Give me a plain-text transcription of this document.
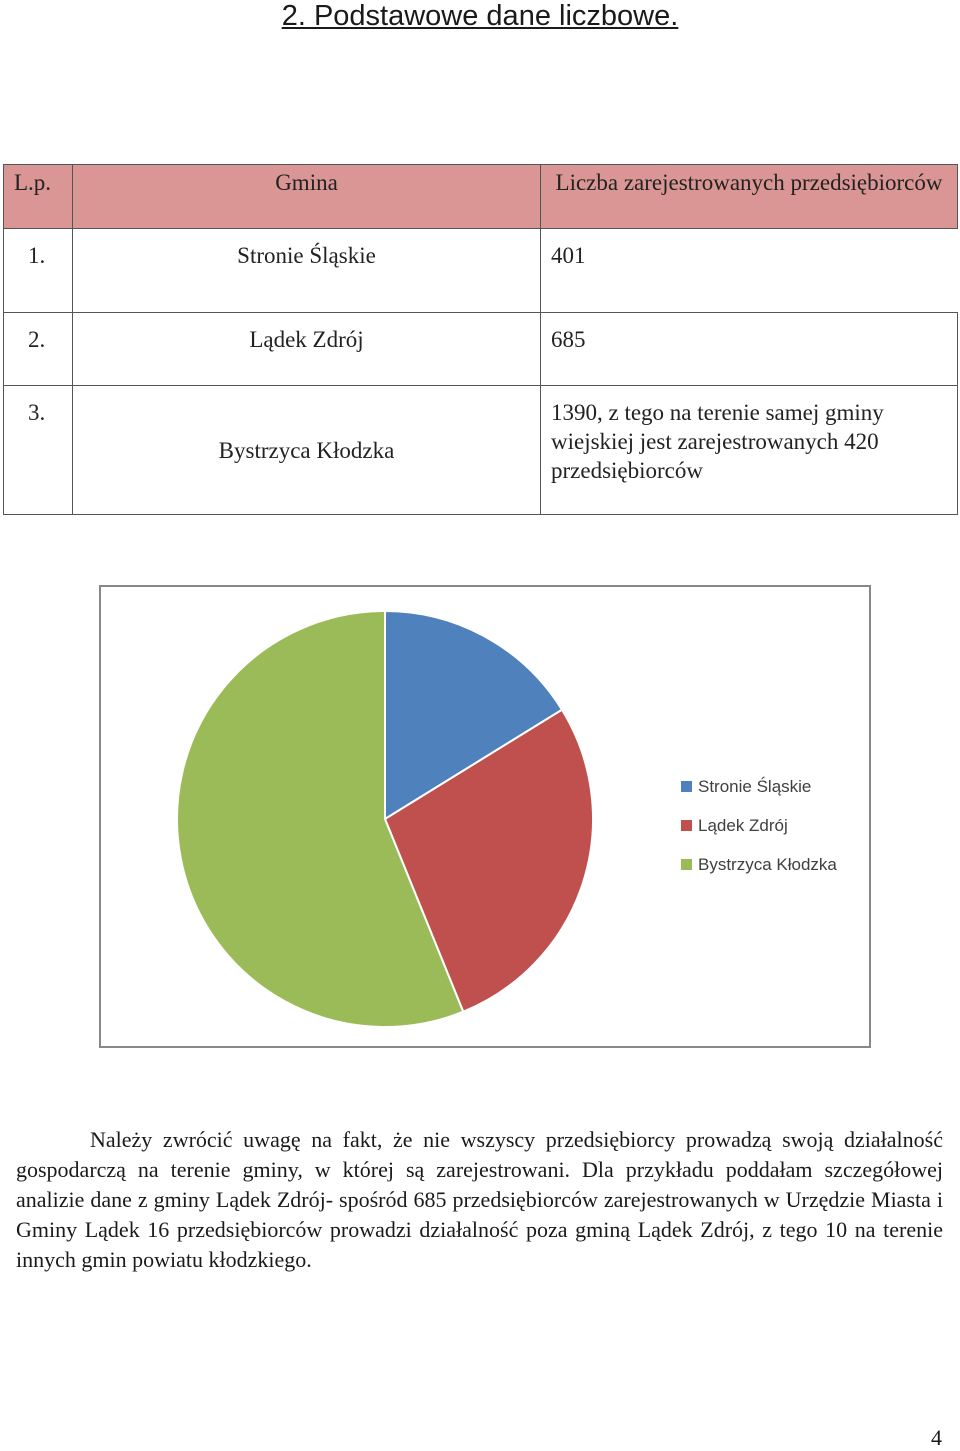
2. Podstawowe dane liczbowe.
L.p.	Gmina	Liczba zarejestrowanych przedsiębiorców
1.	Stronie Śląskie	401
2.	Lądek Zdrój	685
3.	Bystrzyca Kłodzka	1390, z tego na terenie samej gminy wiejskiej jest zarejestrowanych 420 przedsiębiorców
Stronie Śląskie
Lądek Zdrój
Bystrzyca Kłodzka

Należy zwrócić uwagę na fakt, że nie wszyscy przedsiębiorcy prowadzą swoją działalność gospodarczą na terenie gminy, w której są zarejestrowani. Dla przykładu poddałam szczegółowej analizie dane z gminy Lądek Zdrój- spośród 685 przedsiębiorców zarejestrowanych w Urzędzie Miasta i Gminy Lądek 16 przedsiębiorców prowadzi działalność poza gminą Lądek Zdrój, z tego 10 na terenie innych gmin powiatu kłodzkiego.

4
